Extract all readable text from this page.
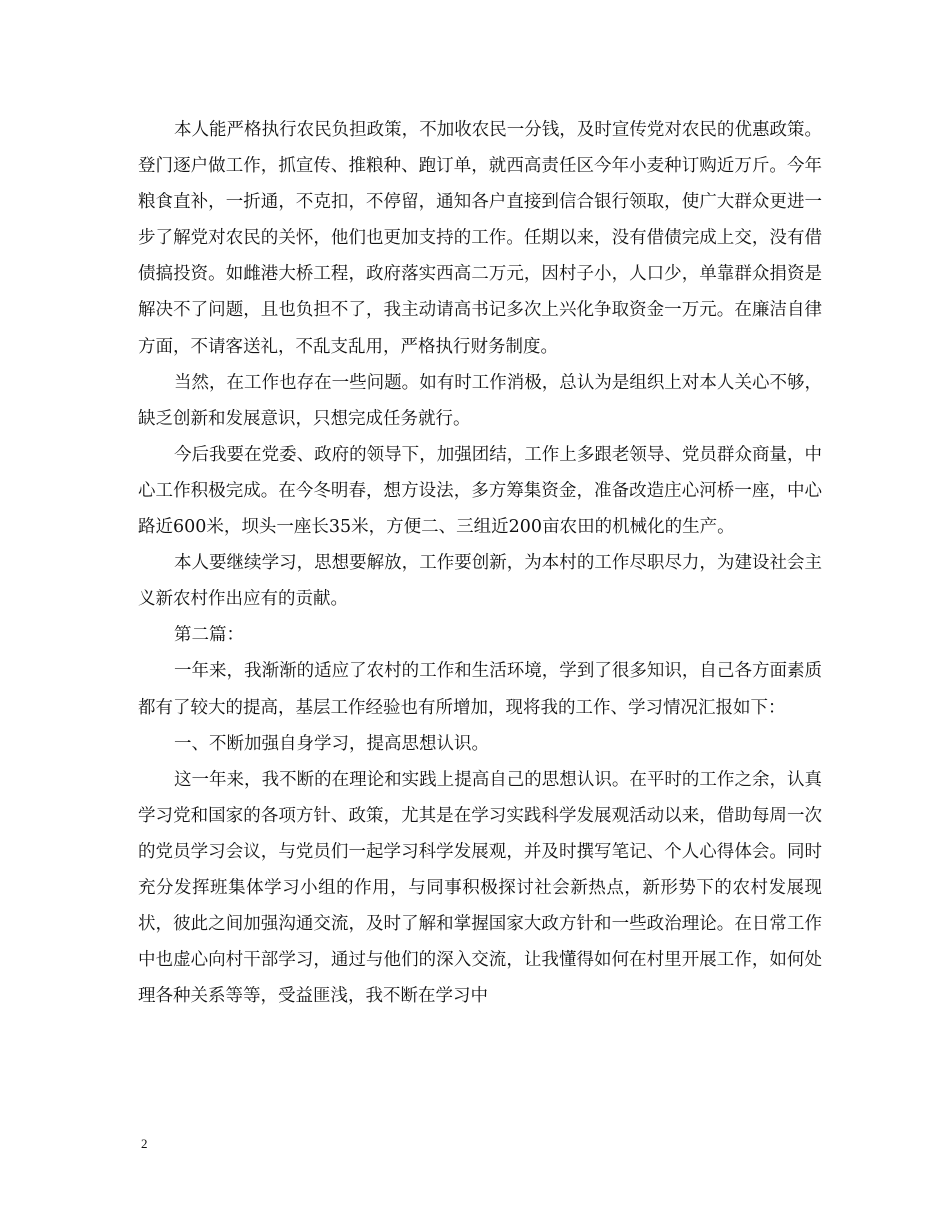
本人能严格执行农民负担政策，不加收农民一分钱，及时宣传党对农民的优惠政策。登门逐户做工作，抓宣传、推粮种、跑订单，就西高责任区今年小麦种订购近万斤。今年粮食直补，一折通，不克扣，不停留，通知各户直接到信合银行领取，使广大群众更进一步了解党对农民的关怀，他们也更加支持的工作。任期以来，没有借债完成上交，没有借债搞投资。如雌港大桥工程，政府落实西高二万元，因村子小，人口少，单靠群众捐资是解决不了问题，且也负担不了，我主动请高书记多次上兴化争取资金一万元。在廉洁自律方面，不请客送礼，不乱支乱用，严格执行财务制度。

当然，在工作也存在一些问题。如有时工作消极，总认为是组织上对本人关心不够，缺乏创新和发展意识，只想完成任务就行。

今后我要在党委、政府的领导下，加强团结，工作上多跟老领导、党员群众商量，中心工作积极完成。在今冬明春，想方设法，多方筹集资金，准备改造庄心河桥一座，中心路近600米，坝头一座长35米，方便二、三组近200亩农田的机械化的生产。

本人要继续学习，思想要解放，工作要创新，为本村的工作尽职尽力，为建设社会主义新农村作出应有的贡献。

第二篇：

一年来，我渐渐的适应了农村的工作和生活环境，学到了很多知识，自己各方面素质都有了较大的提高，基层工作经验也有所增加，现将我的工作、学习情况汇报如下：

一、不断加强自身学习，提高思想认识。

这一年来，我不断的在理论和实践上提高自己的思想认识。在平时的工作之余，认真学习党和国家的各项方针、政策，尤其是在学习实践科学发展观活动以来，借助每周一次的党员学习会议，与党员们一起学习科学发展观，并及时撰写笔记、个人心得体会。同时充分发挥班集体学习小组的作用，与同事积极探讨社会新热点，新形势下的农村发展现状，彼此之间加强沟通交流，及时了解和掌握国家大政方针和一些政治理论。在日常工作中也虚心向村干部学习，通过与他们的深入交流，让我懂得如何在村里开展工作，如何处理各种关系等等，受益匪浅，我不断在学习中

2
